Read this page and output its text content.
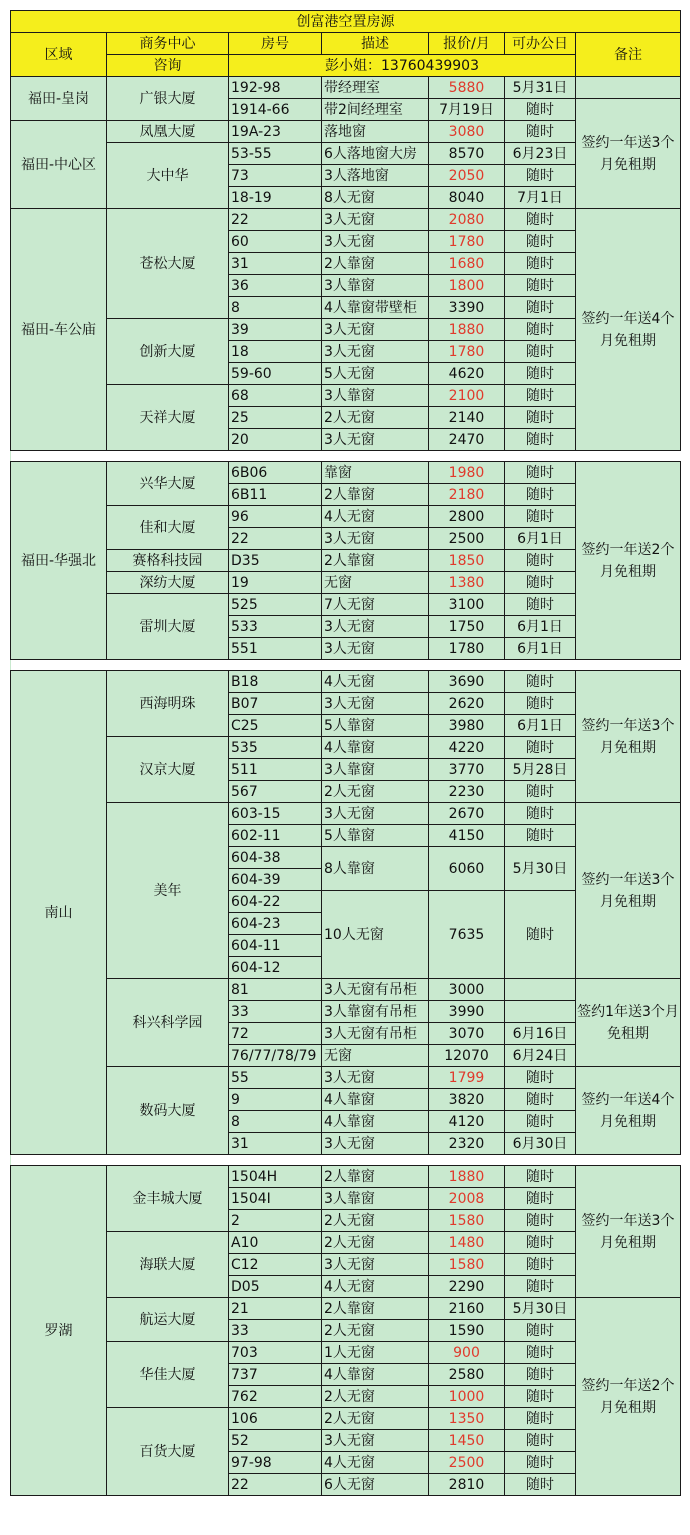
创富港空置房源						
区域	商务中心	房号	描述	报价/月	可办公日	备注
	咨询	彭小姐：13760439903				
福田-皇岗	广银大厦	192-98	带经理室	5880	5月31日	
		1914-66	带2间经理室	7月19日	随时	签约一年送3个月免租期
福田-中心区	凤凰大厦	19A-23	落地窗	3080	随时	
	大中华	53-55	6人落地窗大房	8570	6月23日	
		73	3人落地窗	2050	随时	
		18-19	8人无窗	8040	7月1日	
福田-车公庙	苍松大厦	22	3人无窗	2080	随时	签约一年送4个月免租期
		60	3人无窗	1780	随时	
		31	2人靠窗	1680	随时	
		36	3人靠窗	1800	随时	
		8	4人靠窗带壁柜	3390	随时	
	创新大厦	39	3人无窗	1880	随时	
		18	3人无窗	1780	随时	
		59-60	5人无窗	4620	随时	
	天祥大厦	68	3人靠窗	2100	随时	
		25	2人无窗	2140	随时	
		20	3人无窗	2470	随时	

福田-华强北	兴华大厦	6B06	靠窗	1980	随时	签约一年送2个月免租期
		6B11	2人靠窗	2180	随时	
	佳和大厦	96	4人无窗	2800	随时	
		22	3人无窗	2500	6月1日	
	赛格科技园	D35	2人靠窗	1850	随时	
	深纺大厦	19	无窗	1380	随时	
	雷圳大厦	525	7人无窗	3100	随时	
		533	3人无窗	1750	6月1日	
		551	3人无窗	1780	6月1日	

南山	西海明珠	B18	4人无窗	3690	随时	签约一年送3个月免租期
		B07	3人无窗	2620	随时	
		C25	5人靠窗	3980	6月1日	
	汉京大厦	535	4人靠窗	4220	随时	
		511	3人靠窗	3770	5月28日	
		567	2人无窗	2230	随时	
	美年	603-15	3人无窗	2670	随时	签约一年送3个月免租期
		602-11	5人靠窗	4150	随时	
		604-38	8人靠窗	6060	5月30日	
		604-39				
		604-22	10人无窗	7635	随时	
		604-23				
		604-11				
		604-12				
	科兴科学园	81	3人无窗有吊柜	3000		签约1年送3个月免租期
		33	3人靠窗有吊柜	3990		
		72	3人无窗有吊柜	3070	6月16日	
		76/77/78/79	无窗	12070	6月24日	
	数码大厦	55	3人无窗	1799	随时	签约一年送4个月免租期
		9	4人靠窗	3820	随时	
		8	4人靠窗	4120	随时	
		31	3人无窗	2320	6月30日	

罗湖	金丰城大厦	1504H	2人靠窗	1880	随时	签约一年送3个月免租期
		1504I	3人靠窗	2008	随时	
		2	2人无窗	1580	随时	
	海联大厦	A10	2人无窗	1480	随时	
		C12	3人无窗	1580	随时	
		D05	4人无窗	2290	随时	
	航运大厦	21	2人靠窗	2160	5月30日	签约一年送2个月免租期
		33	2人无窗	1590	随时	
	华佳大厦	703	1人无窗	900	随时	
		737	4人靠窗	2580	随时	
		762	2人无窗	1000	随时	
	百货大厦	106	2人无窗	1350	随时	
		52	3人无窗	1450	随时	
		97-98	4人无窗	2500	随时	
		22	6人无窗	2810	随时	
